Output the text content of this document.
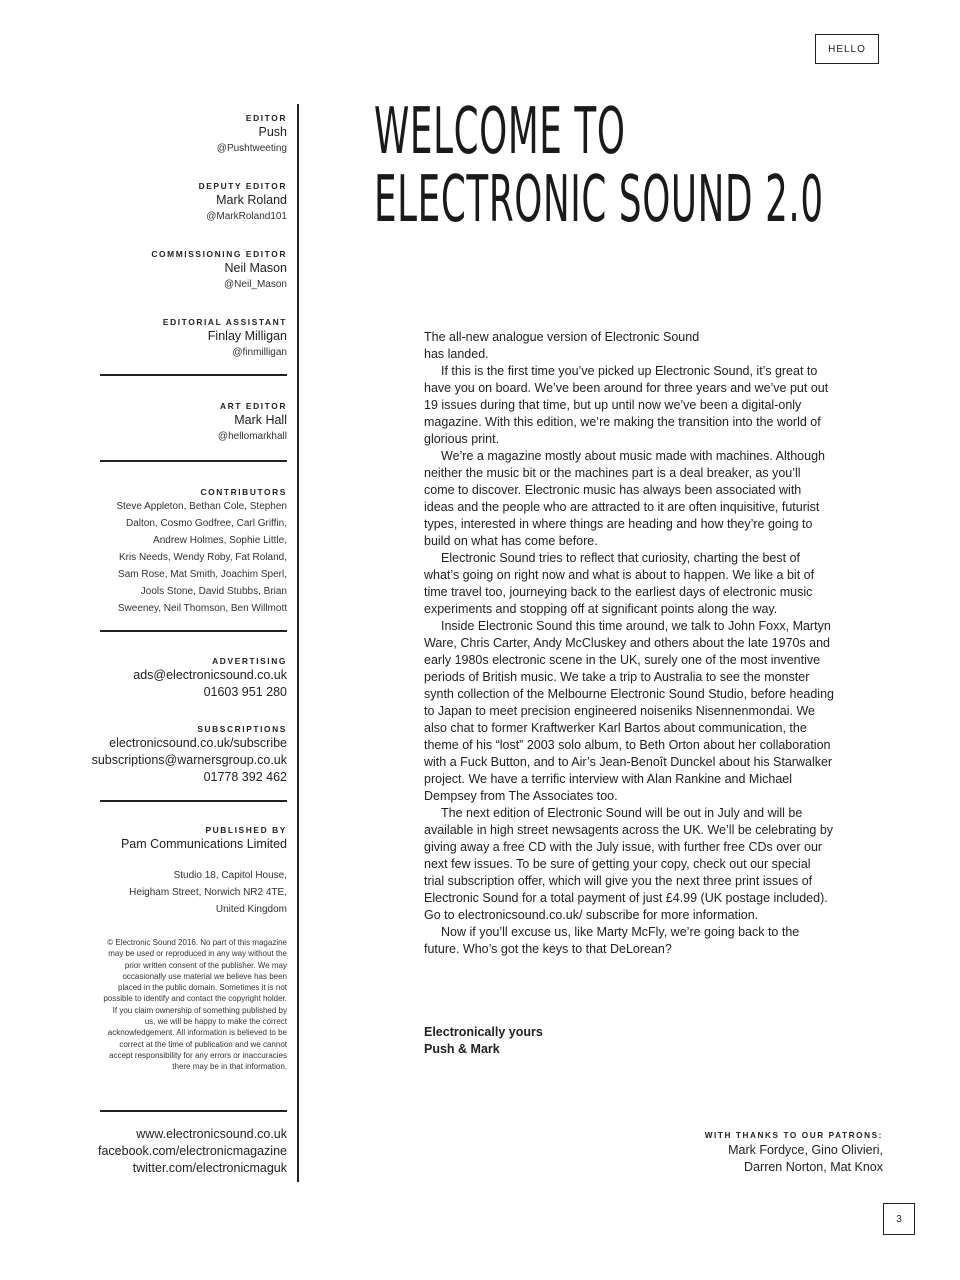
HELLO
EDITOR
Push
@Pushtweeting
DEPUTY EDITOR
Mark Roland
@MarkRoland101
COMMISSIONING EDITOR
Neil Mason
@Neil_Mason
EDITORIAL ASSISTANT
Finlay Milligan
@finmilligan
ART EDITOR
Mark Hall
@hellomarkhall
CONTRIBUTORS
Steve Appleton, Bethan Cole, Stephen
Dalton, Cosmo Godfree, Carl Griffin,
Andrew Holmes, Sophie Little,
Kris Needs, Wendy Roby, Fat Roland,
Sam Rose, Mat Smith, Joachim Sperl,
Jools Stone, David Stubbs, Brian
Sweeney, Neil Thomson, Ben Willmott
ADVERTISING
ads@electronicsound.co.uk
01603 951 280
SUBSCRIPTIONS
electronicsound.co.uk/subscribe
subscriptions@warnersgroup.co.uk
01778 392 462
PUBLISHED BY
Pam Communications Limited
Studio 18, Capitol House,
Heigham Street, Norwich NR2 4TE,
United Kingdom
© Electronic Sound 2016. No part of this magazine may be used or reproduced in any way without the prior written consent of the publisher. We may occasionally use material we believe has been placed in the public domain. Sometimes it is not possible to identify and contact the copyright holder. If you claim ownership of something published by us, we will be happy to make the correct acknowledgement. All information is believed to be correct at the time of publication and we cannot accept responsibility for any errors or inaccuracies there may be in that information.
www.electronicsound.co.uk
facebook.com/electronicmagazine
twitter.com/electronicmaguk
WELCOME TO
ELECTRONIC SOUND 2.0

The all-new analogue version of Electronic Sound has landed.

If this is the first time you’ve picked up Electronic Sound, it’s great to have you on board. We’ve been around for three years and we’ve put out 19 issues during that time, but up until now we’ve been a digital-only magazine. With this edition, we’re making the transition into the world of glorious print.

We’re a magazine mostly about music made with machines. Although neither the music bit or the machines part is a deal breaker, as you’ll come to discover. Electronic music has always been associated with ideas and the people who are attracted to it are often inquisitive, futurist types, interested in where things are heading and how they’re going to build on what has come before.

Electronic Sound tries to reflect that curiosity, charting the best of what’s going on right now and what is about to happen. We like a bit of time travel too, journeying back to the earliest days of electronic music experiments and stopping off at significant points along the way.

Inside Electronic Sound this time around, we talk to John Foxx, Martyn Ware, Chris Carter, Andy McCluskey and others about the late 1970s and early 1980s electronic scene in the UK, surely one of the most inventive periods of British music. We take a trip to Australia to see the monster synth collection of the Melbourne Electronic Sound Studio, before heading to Japan to meet precision engineered noiseniks Nisennenmondai. We also chat to former Kraftwerker Karl Bartos about communication, the theme of his “lost” 2003 solo album, to Beth Orton about her collaboration with a Fuck Button, and to Air’s Jean-Benoît Dunckel about his Starwalker project. We have a terrific interview with Alan Rankine and Michael Dempsey from The Associates too.

The next edition of Electronic Sound will be out in July and will be available in high street newsagents across the UK. We’ll be celebrating by giving away a free CD with the July issue, with further free CDs over our next few issues. To be sure of getting your copy, check out our special trial subscription offer, which will give you the next three print issues of Electronic Sound for a total payment of just £4.99 (UK postage included). Go to electronicsound.co.uk/ subscribe for more information.

Now if you’ll excuse us, like Marty McFly, we’re going back to the future. Who’s got the keys to that DeLorean?

Electronically yours
Push & Mark
WITH THANKS TO OUR PATRONS:
Mark Fordyce, Gino Olivieri,
Darren Norton, Mat Knox
3
